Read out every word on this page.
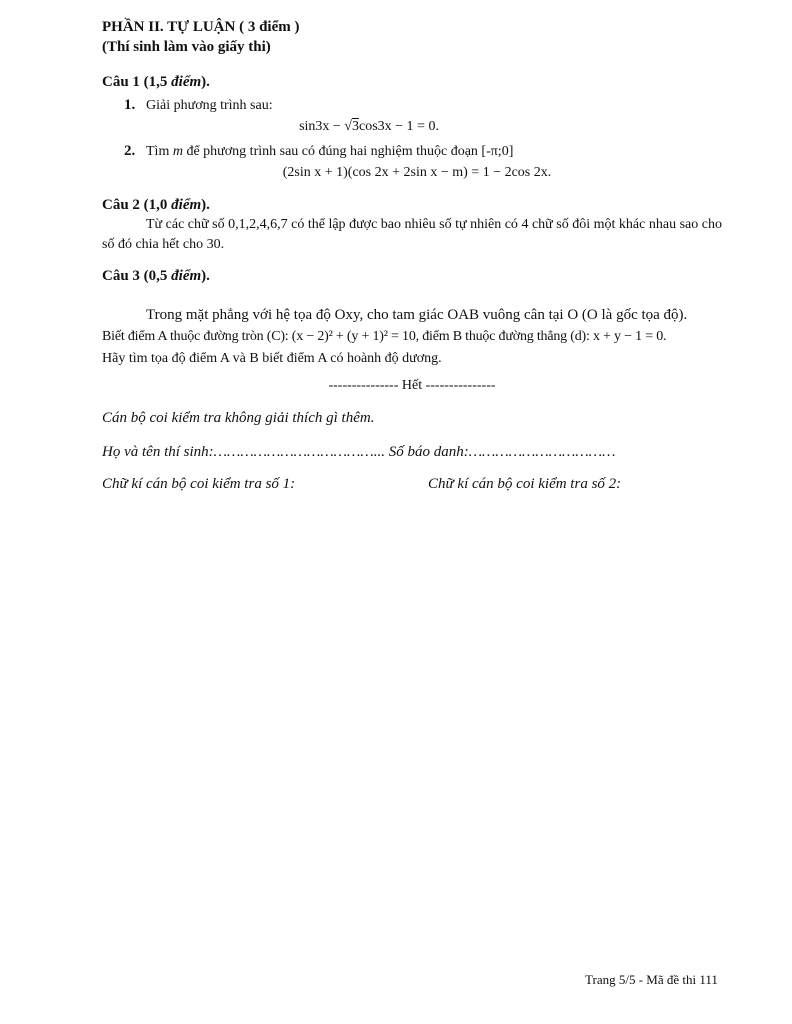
PHẦN II. TỰ LUẬN ( 3 điểm )
(Thí sinh làm vào giấy thi)
Câu 1 (1,5 điểm).
1. Giải phương trình sau:
sin3x − √3cos3x − 1 = 0.
2. Tìm m để phương trình sau có đúng hai nghiệm thuộc đoạn [-π;0]
(2sin x + 1)(cos 2x + 2sin x − m) = 1 − 2cos 2x.
Câu 2 (1,0 điểm).
Từ các chữ số 0,1,2,4,6,7 có thể lập được bao nhiêu số tự nhiên có 4 chữ số đôi một khác nhau sao cho số đó chia hết cho 30.
Câu 3 (0,5 điểm).
Trong mặt phẳng với hệ tọa độ Oxy, cho tam giác OAB vuông cân tại O (O là gốc tọa độ).
Biết điểm A thuộc đường tròn (C): (x − 2)² + (y + 1)² = 10, điểm B thuộc đường thẳng (d): x + y − 1 = 0.
Hãy tìm tọa độ điểm A và B biết điểm A có hoành độ dương.
--------------- Hết ---------------
Cán bộ coi kiểm tra không giải thích gì thêm.
Họ và tên thí sinh:………………………………... Số báo danh:……………………………
Chữ kí cán bộ coi kiểm tra số 1:	Chữ kí cán bộ coi kiểm tra số 2:
Trang 5/5 - Mã đề thi 111
